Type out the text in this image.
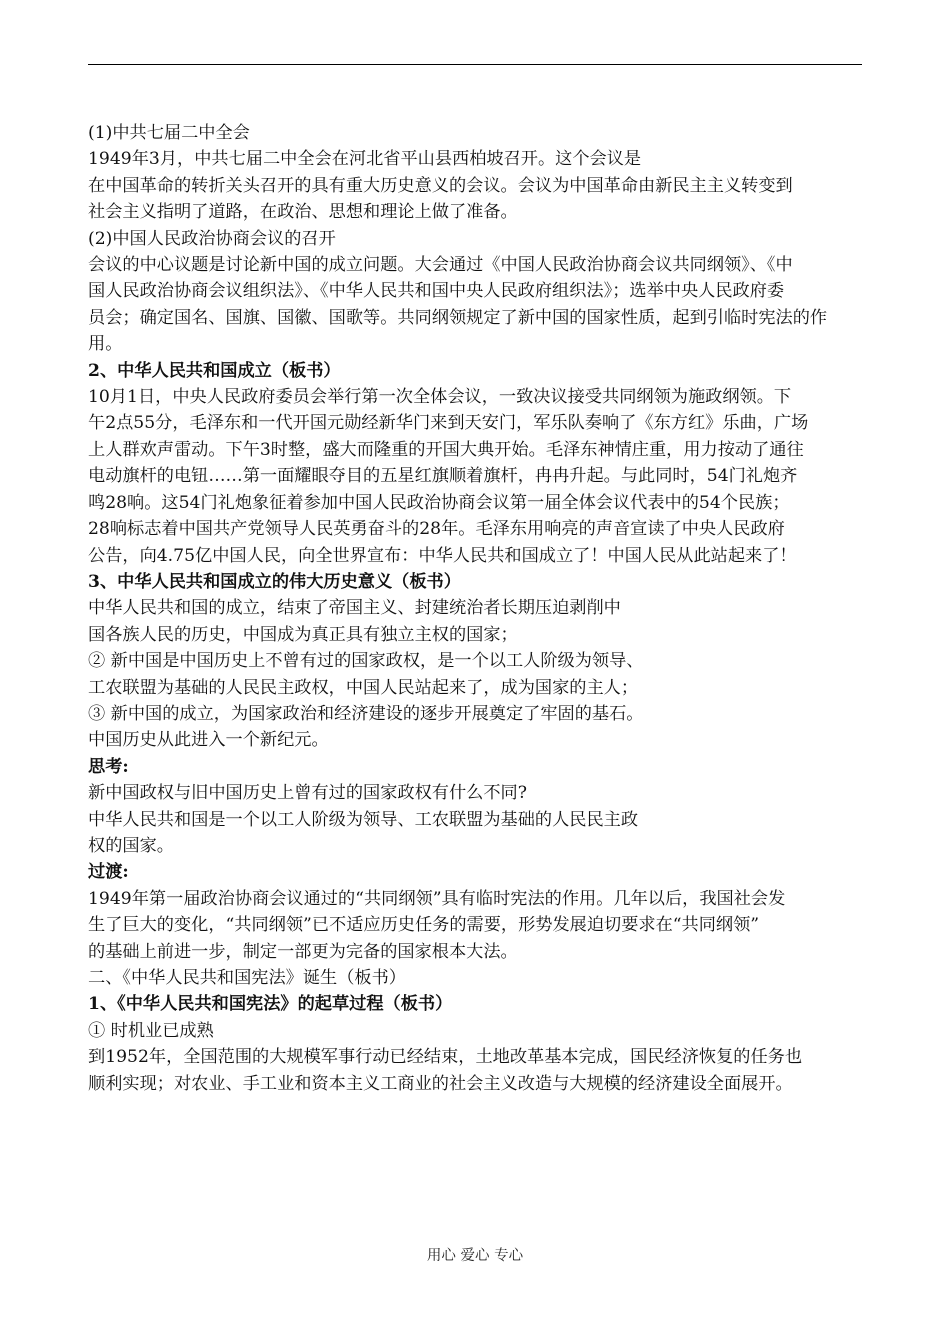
(1)中共七届二中全会
1949年3月，中共七届二中全会在河北省平山县西柏坡召开。这个会议是
在中国革命的转折关头召开的具有重大历史意义的会议。会议为中国革命由新民主主义转变到
社会主义指明了道路，在政治、思想和理论上做了准备。
(2)中国人民政治协商会议的召开
会议的中心议题是讨论新中国的成立问题。大会通过《中国人民政治协商会议共同纲领》、《中
国人民政治协商会议组织法》、《中华人民共和国中央人民政府组织法》；选举中央人民政府委
员会；确定国名、国旗、国徽、国歌等。共同纲领规定了新中国的国家性质，起到引临时宪法的作
用。
2、中华人民共和国成立（板书）
10月1日，中央人民政府委员会举行第一次全体会议，一致决议接受共同纲领为施政纲领。下
午2点55分，毛泽东和一代开国元勋经新华门来到天安门，军乐队奏响了《东方红》乐曲，广场
上人群欢声雷动。下午3时整，盛大而隆重的开国大典开始。毛泽东神情庄重，用力按动了通往
电动旗杆的电钮……第一面耀眼夺目的五星红旗顺着旗杆，冉冉升起。与此同时，54门礼炮齐
鸣28响。这54门礼炮象征着参加中国人民政治协商会议第一届全体会议代表中的54个民族；
28响标志着中国共产党领导人民英勇奋斗的28年。毛泽东用响亮的声音宣读了中央人民政府
公告，向4.75亿中国人民，向全世界宣布：中华人民共和国成立了！中国人民从此站起来了！
3、中华人民共和国成立的伟大历史意义（板书）
中华人民共和国的成立，结束了帝国主义、封建统治者长期压迫剥削中
国各族人民的历史，中国成为真正具有独立主权的国家；
② 新中国是中国历史上不曾有过的国家政权，是一个以工人阶级为领导、
工农联盟为基础的人民民主政权，中国人民站起来了，成为国家的主人；
③ 新中国的成立，为国家政治和经济建设的逐步开展奠定了牢固的基石。
中国历史从此进入一个新纪元。
思考:
新中国政权与旧中国历史上曾有过的国家政权有什么不同?
中华人民共和国是一个以工人阶级为领导、工农联盟为基础的人民民主政
权的国家。
过渡:
1949年第一届政治协商会议通过的“共同纲领”具有临时宪法的作用。几年以后，我国社会发
生了巨大的变化，“共同纲领”已不适应历史任务的需要，形势发展迫切要求在“共同纲领”
的基础上前进一步，制定一部更为完备的国家根本大法。
二、《中华人民共和国宪法》诞生（板书）
1、《中华人民共和国宪法》的起草过程（板书）
① 时机业已成熟
到1952年，全国范围的大规模军事行动已经结束，土地改革基本完成，国民经济恢复的任务也
顺利实现；对农业、手工业和资本主义工商业的社会主义改造与大规模的经济建设全面展开。
用心 爱心 专心
